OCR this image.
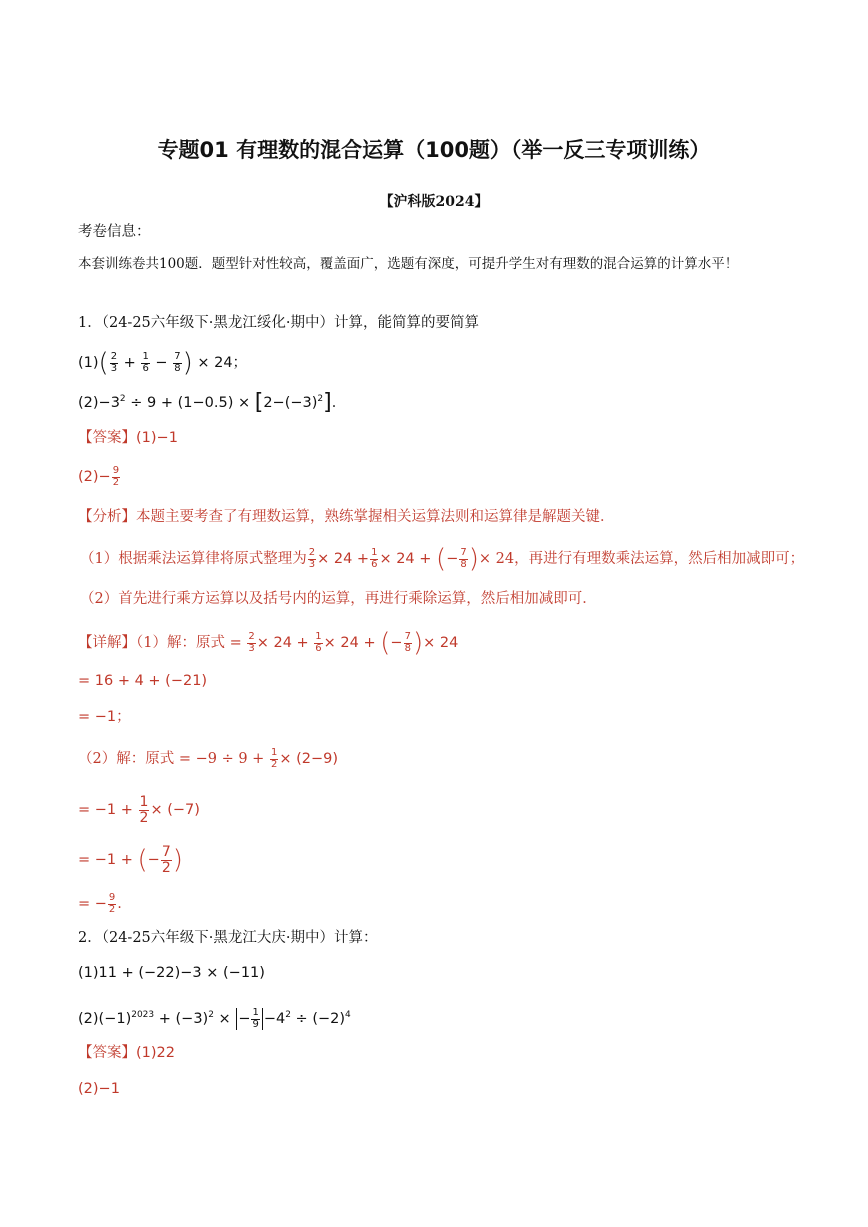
专题01 有理数的混合运算（100题）（举一反三专项训练）
【沪科版2024】
考卷信息：
本套训练卷共100题．题型针对性较高，覆盖面广，选题有深度，可提升学生对有理数的混合运算的计算水平！
1．（24-25六年级下·黑龙江绥化·期中）计算，能简算的要简算
$(1)( \frac{2}{3} + \frac{1}{6} - \frac{7}{8}$ ) × 24；
$(2)-3^2 \div 9 + (1-0.5) \times [2-(-3)^2]$．
【答案】(1)−1
$(2)- \frac{9}{2}$
【分析】本题主要考查了有理数运算，熟练掌握相关运算法则和运算律是解题关键．
（1）根据乘法运算律将原式整理为 $\frac{2}{3} \times 24 + \frac{1}{6} \times 24$ + (− $\frac{7}{8}$ )× 24，再进行有理数乘法运算，然后相加减即可；
（2）首先进行乘方运算以及括号内的运算，再进行乘除运算，然后相加减即可．
【详解】（1）解：原式 = $\frac{2}{3} \times 24 + \frac{1}{6} \times 24$ + (− $\frac{7}{8}$ )× 24
= 16 + 4 + (−21)
= −1；
（2）解：原式 = $-9 \div 9 + \frac{1}{2} \times (2-9)$
= $-1 + \frac{1}{2} \times (-7)$
= −1 + (− $\frac{7}{2}$ )
= − $\frac{9}{2}$ .
2．（24-25六年级下·黑龙江大庆·期中）计算：
(1)11 + (−22)−3 × (−11)
$(2)(-1)^{2023} + (-3)^2$ × − $\frac{1}{9} -4^2 \div (-2)^4$
【答案】(1)22
(2)−1
